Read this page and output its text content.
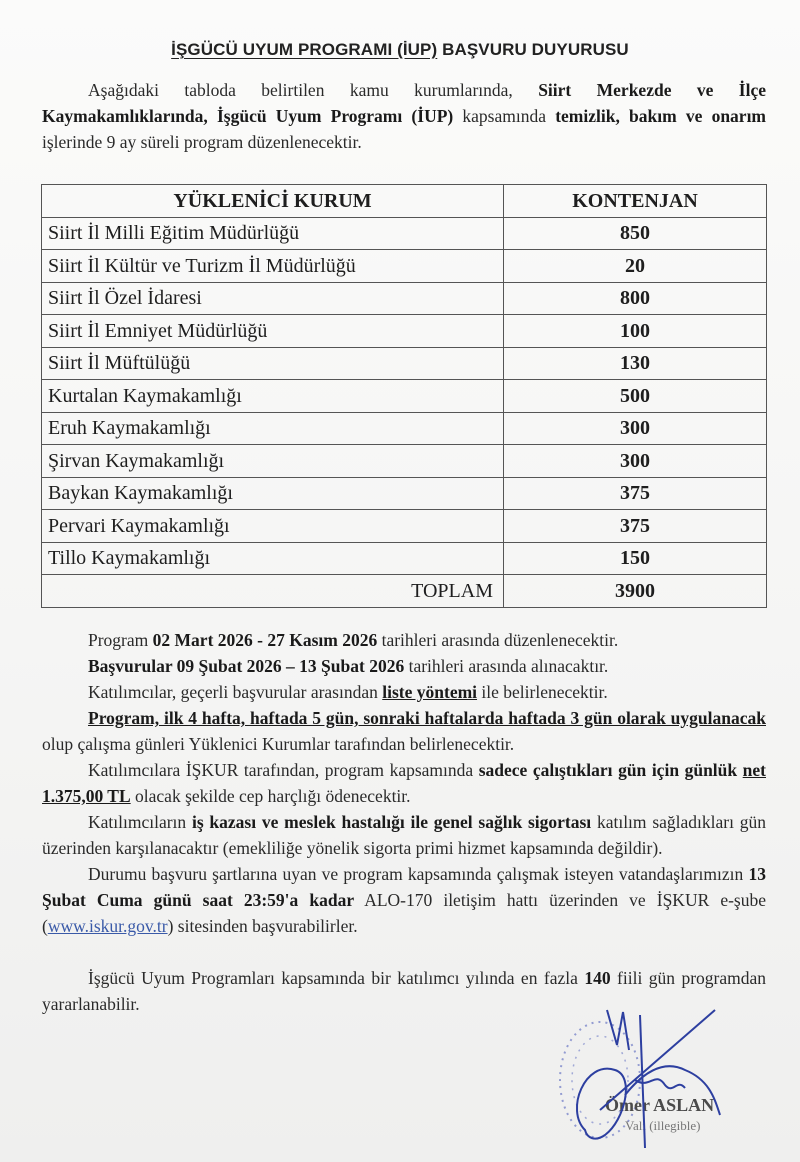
İŞGÜCÜ UYUM PROGRAMI (İUP) BAŞVURU DUYURUSU
Aşağıdaki tabloda belirtilen kamu kurumlarında, Siirt Merkezde ve İlçe Kaymakamlıklarında, İşgücü Uyum Programı (İUP) kapsamında temizlik, bakım ve onarım işlerinde 9 ay süreli program düzenlenecektir.
YÜKLENİCİ KURUM	KONTENJAN
Siirt İl Milli Eğitim Müdürlüğü	850
Siirt İl Kültür ve Turizm İl Müdürlüğü	20
Siirt İl Özel İdaresi	800
Siirt İl Emniyet Müdürlüğü	100
Siirt İl Müftülüğü	130
Kurtalan Kaymakamlığı	500
Eruh Kaymakamlığı	300
Şirvan Kaymakamlığı	300
Baykan Kaymakamlığı	375
Pervari Kaymakamlığı	375
Tillo Kaymakamlığı	150
TOPLAM	3900
Program 02 Mart 2026 - 27 Kasım 2026 tarihleri arasında düzenlenecektir.
Başvurular 09 Şubat 2026 – 13 Şubat 2026 tarihleri arasında alınacaktır.
Katılımcılar, geçerli başvurular arasından liste yöntemi ile belirlenecektir.
Program, ilk 4 hafta, haftada 5 gün, sonraki haftalarda haftada 3 gün olarak uygulanacak olup çalışma günleri Yüklenici Kurumlar tarafından belirlenecektir.
Katılımcılara İŞKUR tarafından, program kapsamında sadece çalıştıkları gün için günlük net 1.375,00 TL olacak şekilde cep harçlığı ödenecektir.
Katılımcıların iş kazası ve meslek hastalığı ile genel sağlık sigortası katılım sağladıkları gün üzerinden karşılanacaktır (emekliliğe yönelik sigorta primi hizmet kapsamında değildir).
Durumu başvuru şartlarına uyan ve program kapsamında çalışmak isteyen vatandaşlarımızın 13 Şubat Cuma günü saat 23:59'a kadar ALO-170 iletişim hattı üzerinden ve İŞKUR e-şube (www.iskur.gov.tr) sitesinden başvurabilirler.
İşgücü Uyum Programları kapsamında bir katılımcı yılında en fazla 140 fiili gün programdan yararlanabilir.
Ömer ASLAN
Vali (illegible)
